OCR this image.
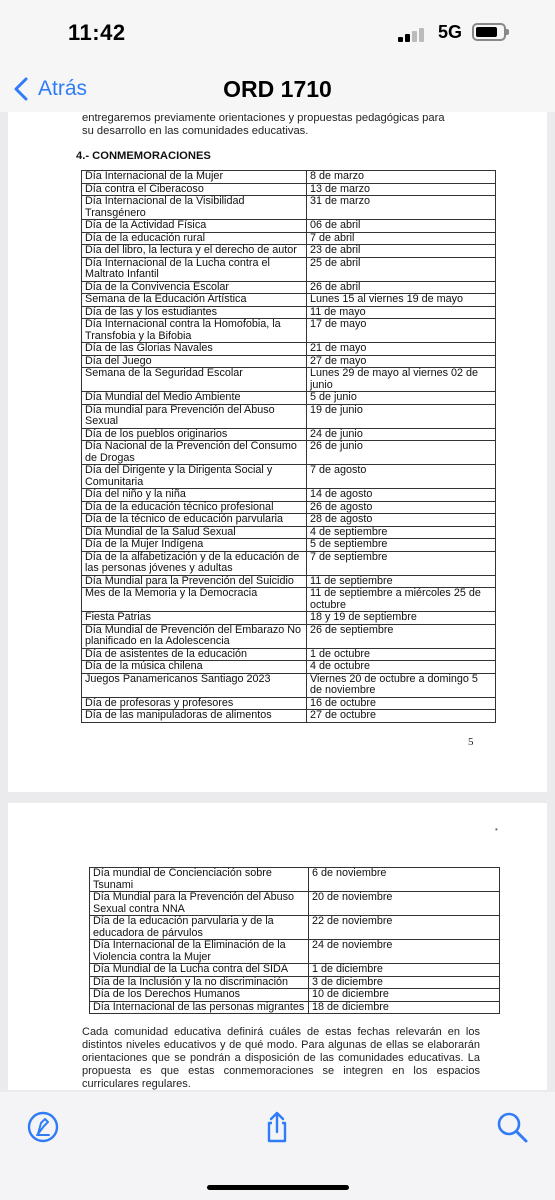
11:42	5G
Atrás	ORD 1710
entregaremos previamente orientaciones y propuestas pedagógicas para
su desarrollo en las comunidades educativas.
4.- CONMEMORACIONES
Día Internacional de la Mujer	8 de marzo
Día contra el Ciberacoso	13 de marzo
Día Internacional de la Visibilidad Transgénero	31 de marzo
Día de la Actividad Física	06 de abril
Día de la educación rural	7 de abril
Día del libro, la lectura y el derecho de autor	23 de abril
Día Internacional de la Lucha contra el Maltrato Infantil	25 de abril
Día de la Convivencia Escolar	26 de abril
Semana de la Educación Artística	Lunes 15 al viernes 19 de mayo
Día de las y los estudiantes	11 de mayo
Día Internacional contra la Homofobia, la Transfobia y la Bifobia	17 de mayo
Día de las Glorias Navales	21 de mayo
Día del Juego	27 de mayo
Semana de la Seguridad Escolar	Lunes 29 de mayo al viernes 02 de junio
Día Mundial del Medio Ambiente	5 de junio
Día mundial para Prevención del Abuso Sexual	19 de junio
Día de los pueblos originarios	24 de junio
Día Nacional de la Prevención del Consumo de Drogas	26 de junio
Día del Dirigente y la Dirigenta Social y Comunitaria	7 de agosto
Día del niño y la niña	14 de agosto
Día de la educación técnico profesional	26 de agosto
Día de la técnico de educación parvularia	28 de agosto
Día Mundial de la Salud Sexual	4 de septiembre
Día de la Mujer Indígena	5 de septiembre
Día de la alfabetización y de la educación de las personas jóvenes y adultas	7 de septiembre
Día Mundial para la Prevención del Suicidio	11 de septiembre
Mes de la Memoria y la Democracia	11 de septiembre a miércoles 25 de octubre
Fiesta Patrias	18 y 19 de septiembre
Día Mundial de Prevención del Embarazo No planificado en la Adolescencia	26 de septiembre
Día de asistentes de la educación	1 de octubre
Día de la música chilena	4 de octubre
Juegos Panamericanos Santiago 2023	Viernes 20 de octubre a domingo 5 de noviembre
Día de profesoras y profesores	16 de octubre
Día de las manipuladoras de alimentos	27 de octubre
5
•
Día mundial de Concienciación sobre Tsunami	6 de noviembre
Día Mundial para la Prevención del Abuso Sexual contra NNA	20 de noviembre
Día de la educación parvularia y de la educadora de párvulos	22 de noviembre
Día Internacional de la Eliminación de la Violencia contra la Mujer	24 de noviembre
Día Mundial de la Lucha contra del SIDA	1 de diciembre
Día de la Inclusión y la no discriminación	3 de diciembre
Día de los Derechos Humanos	10 de diciembre
Día Internacional de las personas migrantes	18 de diciembre
Cada comunidad educativa definirá cuáles de estas fechas relevarán en los distintos niveles educativos y de qué modo. Para algunas de ellas se elaborarán orientaciones que se pondrán a disposición de las comunidades educativas. La propuesta es que estas conmemoraciones se integren en los espacios curriculares regulares.
